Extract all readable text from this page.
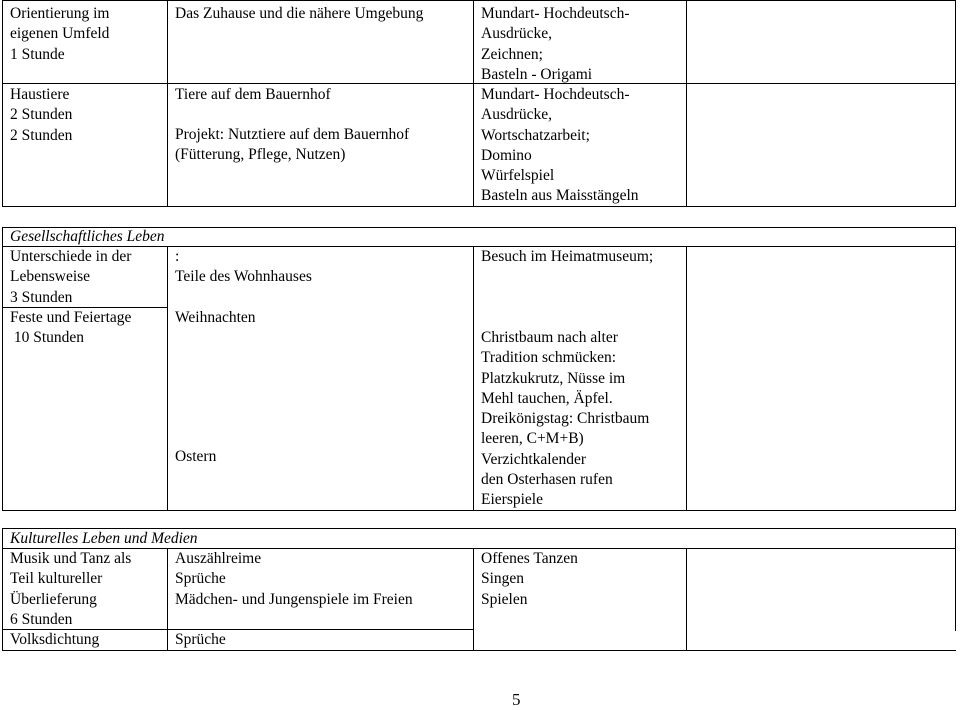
Orientierung im
eigenen Umfeld
1 Stunde
Das Zuhause und die nähere Umgebung	Mundart- Hochdeutsch-
Ausdrücke,
Zeichnen;
Basteln - Origami
Haustiere
2 Stunden
2 Stunden
Tiere auf dem Bauernhof
Projekt: Nutztiere auf dem Bauernhof
(Fütterung, Pflege, Nutzen)
Mundart- Hochdeutsch-
Ausdrücke,
Wortschatzarbeit;
Domino
Würfelspiel
Basteln aus Maisstängeln
Gesellschaftliches Leben
Unterschiede in der
Lebensweise
3 Stunden
:
Teile des Wohnhauses
Besuch im Heimatmuseum;
Feste und Feiertage
10 Stunden
Weihnachten
Ostern
Christbaum nach alter
Tradition schmücken:
Platzkukrutz, Nüsse im
Mehl tauchen, Äpfel.
Dreikönigstag: Christbaum
leeren, C+M+B)
Verzichtkalender
den Osterhasen rufen
Eierspiele
Kulturelles Leben und Medien
Musik und Tanz als
Teil kultureller
Überlieferung
6 Stunden
Auszählreime
Sprüche
Mädchen- und Jungenspiele im Freien
Offenes Tanzen
Singen
Spielen
Volksdichtung	Sprüche
5
